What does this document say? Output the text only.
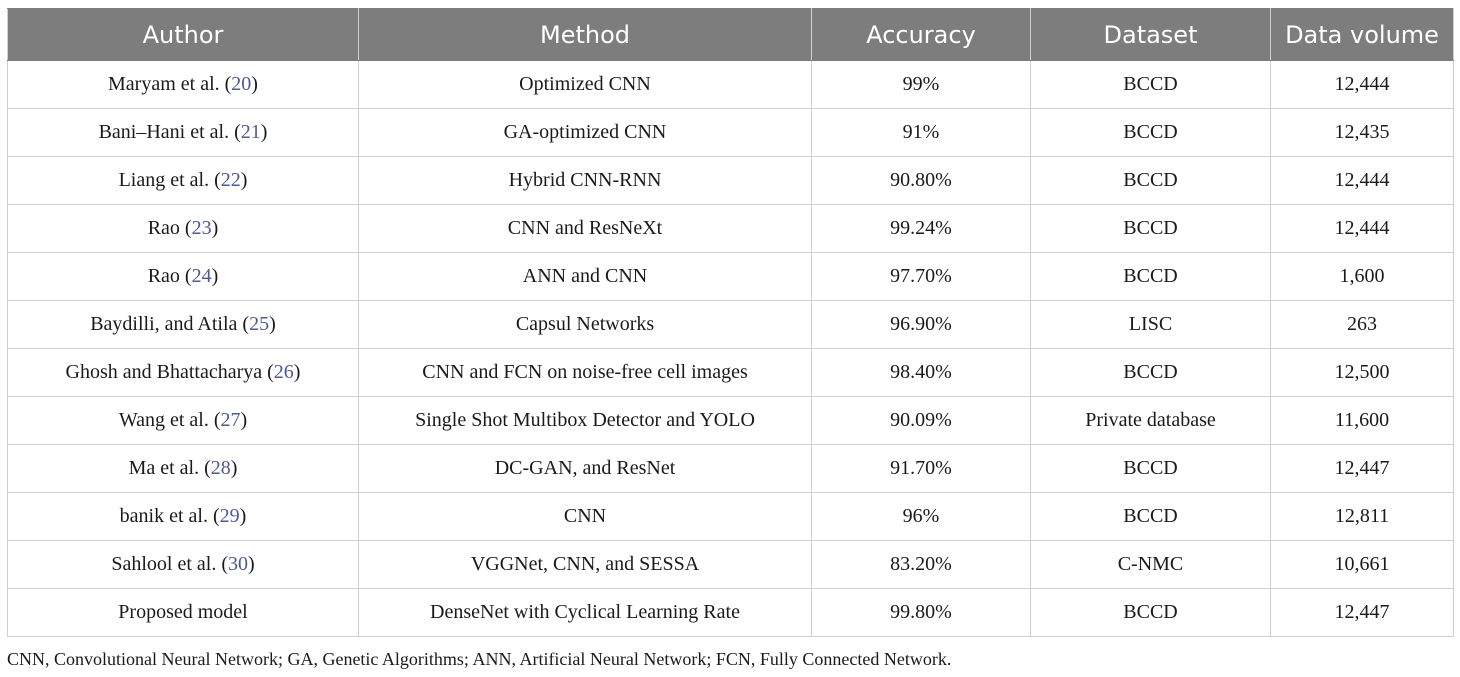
Author	Method	Accuracy	Dataset	Data volume
Maryam et al. (20)	Optimized CNN	99%	BCCD	12,444
Bani–Hani et al. (21)	GA-optimized CNN	91%	BCCD	12,435
Liang et al. (22)	Hybrid CNN-RNN	90.80%	BCCD	12,444
Rao (23)	CNN and ResNeXt	99.24%	BCCD	12,444
Rao (24)	ANN and CNN	97.70%	BCCD	1,600
Baydilli, and Atila (25)	Capsul Networks	96.90%	LISC	263
Ghosh and Bhattacharya (26)	CNN and FCN on noise-free cell images	98.40%	BCCD	12,500
Wang et al. (27)	Single Shot Multibox Detector and YOLO	90.09%	Private database	11,600
Ma et al. (28)	DC-GAN, and ResNet	91.70%	BCCD	12,447
banik et al. (29)	CNN	96%	BCCD	12,811
Sahlool et al. (30)	VGGNet, CNN, and SESSA	83.20%	C-NMC	10,661
Proposed model	DenseNet with Cyclical Learning Rate	99.80%	BCCD	12,447
CNN, Convolutional Neural Network; GA, Genetic Algorithms; ANN, Artificial Neural Network; FCN, Fully Connected Network.
